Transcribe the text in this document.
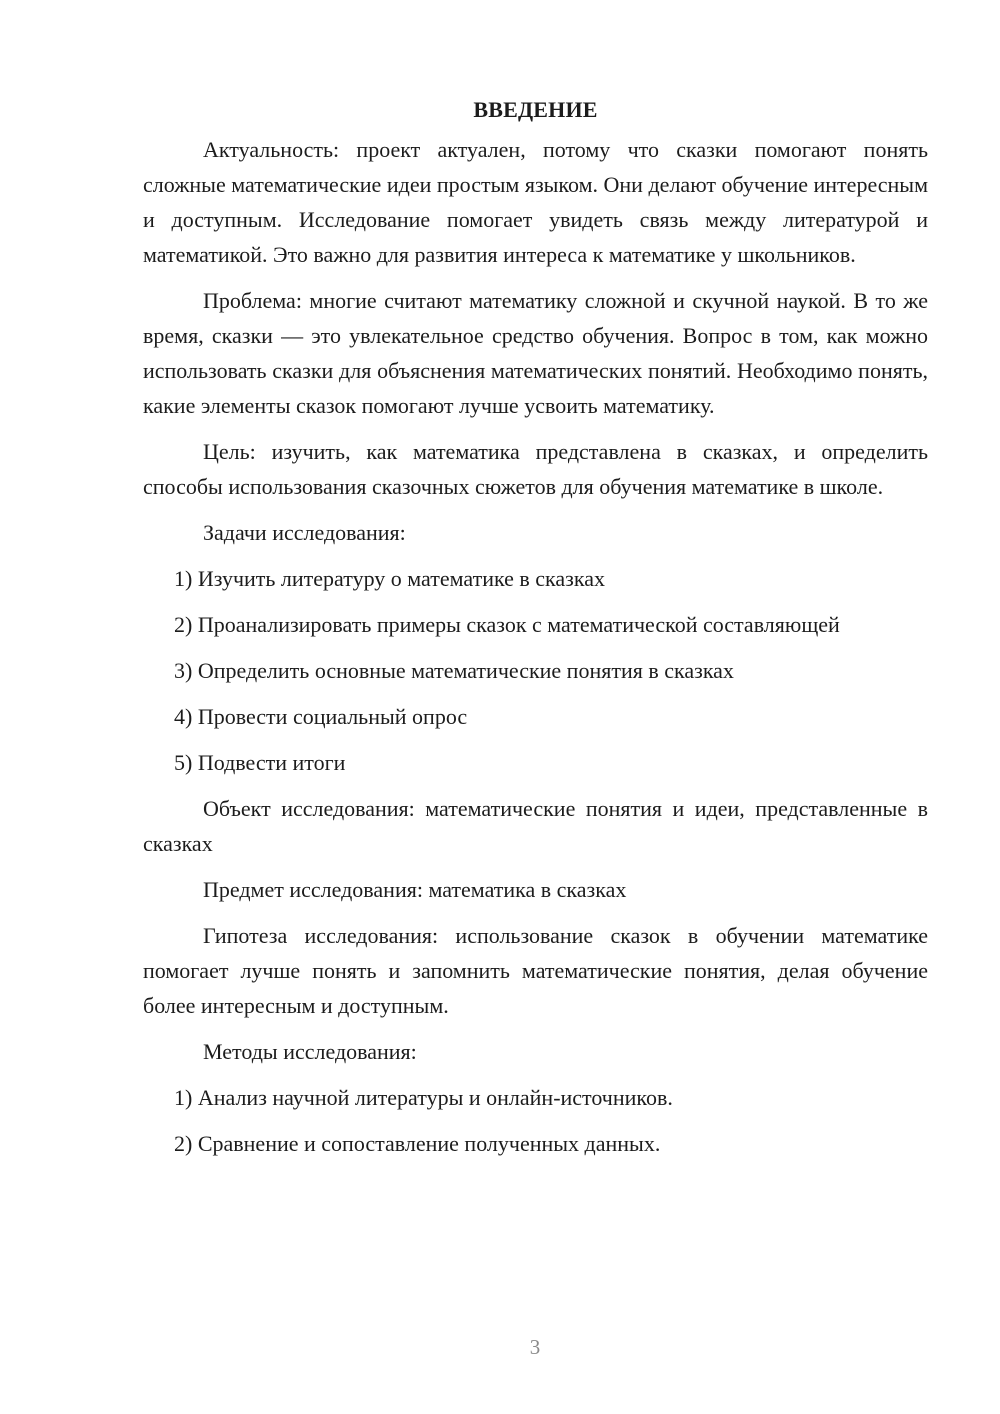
ВВЕДЕНИЕ

Актуальность: проект актуален, потому что сказки помогают понять сложные математические идеи простым языком. Они делают обучение интересным и доступным. Исследование помогает увидеть связь между литературой и математикой. Это важно для развития интереса к математике у школьников.

Проблема: многие считают математику сложной и скучной наукой. В то же время, сказки — это увлекательное средство обучения. Вопрос в том, как можно использовать сказки для объяснения математических понятий. Необходимо понять, какие элементы сказок помогают лучше усвоить математику.

Цель: изучить, как математика представлена в сказках, и определить способы использования сказочных сюжетов для обучения математике в школе.

Задачи исследования:

1) Изучить литературу о математике в сказках

2) Проанализировать примеры сказок с математической составляющей

3) Определить основные математические понятия в сказках

4) Провести социальный опрос

5) Подвести итоги

Объект исследования: математические понятия и идеи, представленные в сказках

Предмет исследования: математика в сказках

Гипотеза исследования: использование сказок в обучении математике помогает лучше понять и запомнить математические понятия, делая обучение более интересным и доступным.

Методы исследования:

1) Анализ научной литературы и онлайн-источников.

2) Сравнение и сопоставление полученных данных.

3
